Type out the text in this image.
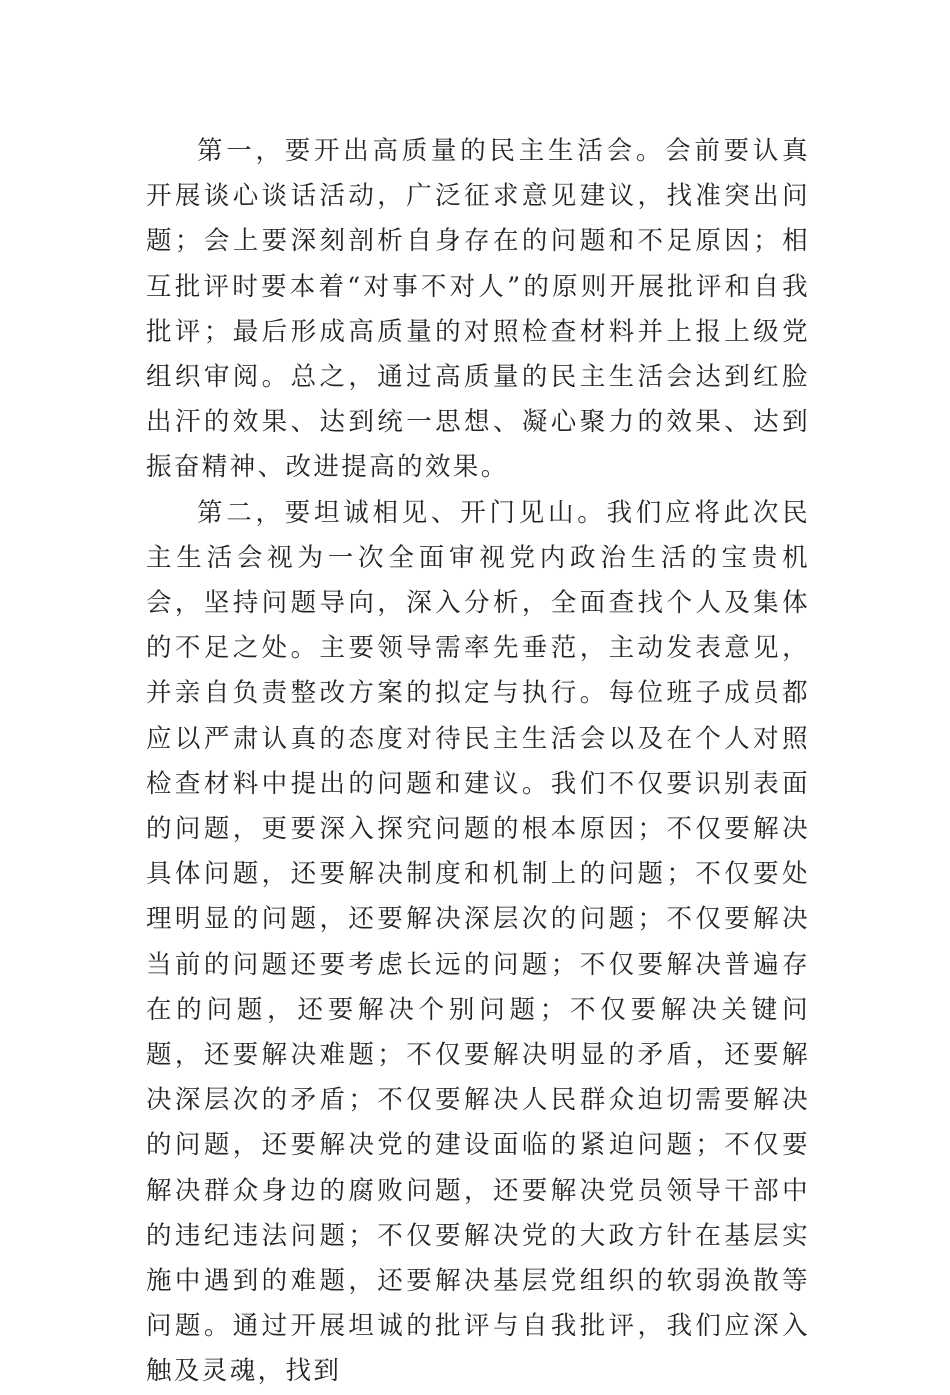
第一，要开出高质量的民主生活会。会前要认真开展谈心谈话活动，广泛征求意见建议，找准突出问题；会上要深刻剖析自身存在的问题和不足原因；相互批评时要本着“对事不对人”的原则开展批评和自我批评；最后形成高质量的对照检查材料并上报上级党组织审阅。总之，通过高质量的民主生活会达到红脸出汗的效果、达到统一思想、凝心聚力的效果、达到振奋精神、改进提高的效果。

第二，要坦诚相见、开门见山。我们应将此次民主生活会视为一次全面审视党内政治生活的宝贵机会，坚持问题导向，深入分析，全面查找个人及集体的不足之处。主要领导需率先垂范，主动发表意见，并亲自负责整改方案的拟定与执行。每位班子成员都应以严肃认真的态度对待民主生活会以及在个人对照检查材料中提出的问题和建议。我们不仅要识别表面的问题，更要深入探究问题的根本原因；不仅要解决具体问题，还要解决制度和机制上的问题；不仅要处理明显的问题，还要解决深层次的问题；不仅要解决当前的问题还要考虑长远的问题；不仅要解决普遍存在的问题，还要解决个别问题；不仅要解决关键问题，还要解决难题；不仅要解决明显的矛盾，还要解决深层次的矛盾；不仅要解决人民群众迫切需要解决的问题，还要解决党的建设面临的紧迫问题；不仅要解决群众身边的腐败问题，还要解决党员领导干部中的违纪违法问题；不仅要解决党的大政方针在基层实施中遇到的难题，还要解决基层党组织的软弱涣散等问题。通过开展坦诚的批评与自我批评，我们应深入触及灵魂，找到
